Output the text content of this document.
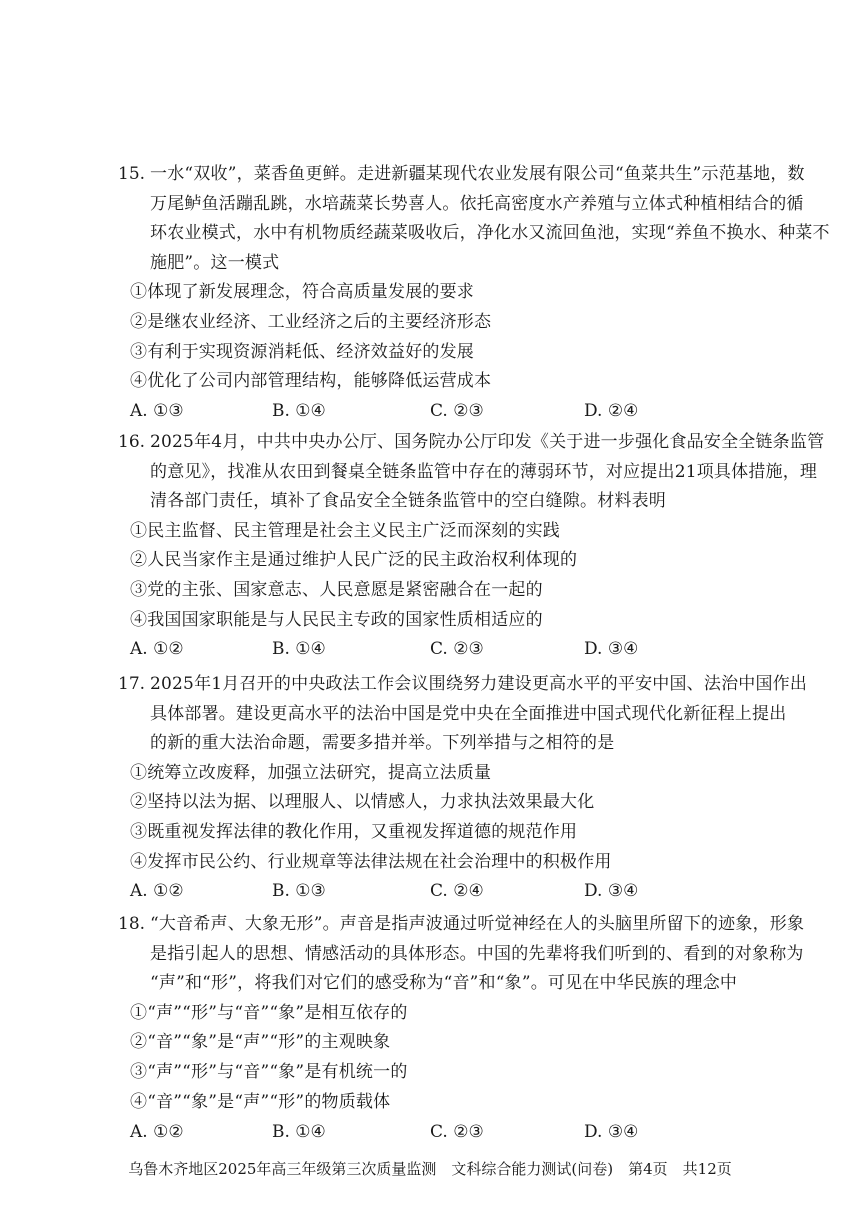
15. 一水“双收”，菜香鱼更鲜。走进新疆某现代农业发展有限公司“鱼菜共生”示范基地，数
万尾鲈鱼活蹦乱跳，水培蔬菜长势喜人。依托高密度水产养殖与立体式种植相结合的循
环农业模式，水中有机物质经蔬菜吸收后，净化水又流回鱼池，实现“养鱼不换水、种菜不
施肥”。这一模式
①体现了新发展理念，符合高质量发展的要求
②是继农业经济、工业经济之后的主要经济形态
③有利于实现资源消耗低、经济效益好的发展
④优化了公司内部管理结构，能够降低运营成本
A. ①③	B. ①④	C. ②③	D. ②④
16. 2025年4月，中共中央办公厅、国务院办公厅印发《关于进一步强化食品安全全链条监管
的意见》，找准从农田到餐桌全链条监管中存在的薄弱环节，对应提出21项具体措施，理
清各部门责任，填补了食品安全全链条监管中的空白缝隙。材料表明
①民主监督、民主管理是社会主义民主广泛而深刻的实践
②人民当家作主是通过维护人民广泛的民主政治权利体现的
③党的主张、国家意志、人民意愿是紧密融合在一起的
④我国国家职能是与人民民主专政的国家性质相适应的
A. ①②	B. ①④	C. ②③	D. ③④
17. 2025年1月召开的中央政法工作会议围绕努力建设更高水平的平安中国、法治中国作出
具体部署。建设更高水平的法治中国是党中央在全面推进中国式现代化新征程上提出
的新的重大法治命题，需要多措并举。下列举措与之相符的是
①统筹立改废释，加强立法研究，提高立法质量
②坚持以法为据、以理服人、以情感人，力求执法效果最大化
③既重视发挥法律的教化作用，又重视发挥道德的规范作用
④发挥市民公约、行业规章等法律法规在社会治理中的积极作用
A. ①②	B. ①③	C. ②④	D. ③④
18. “大音希声、大象无形”。声音是指声波通过听觉神经在人的头脑里所留下的迹象，形象
是指引起人的思想、情感活动的具体形态。中国的先辈将我们听到的、看到的对象称为
“声”和“形”，将我们对它们的感受称为“音”和“象”。可见在中华民族的理念中
①“声”“形”与“音”“象”是相互依存的
②“音”“象”是“声”“形”的主观映象
③“声”“形”与“音”“象”是有机统一的
④“音”“象”是“声”“形”的物质载体
A. ①②	B. ①④	C. ②③	D. ③④
乌鲁木齐地区2025年高三年级第三次质量监测　文科综合能力测试(问卷)　第4页　共12页
